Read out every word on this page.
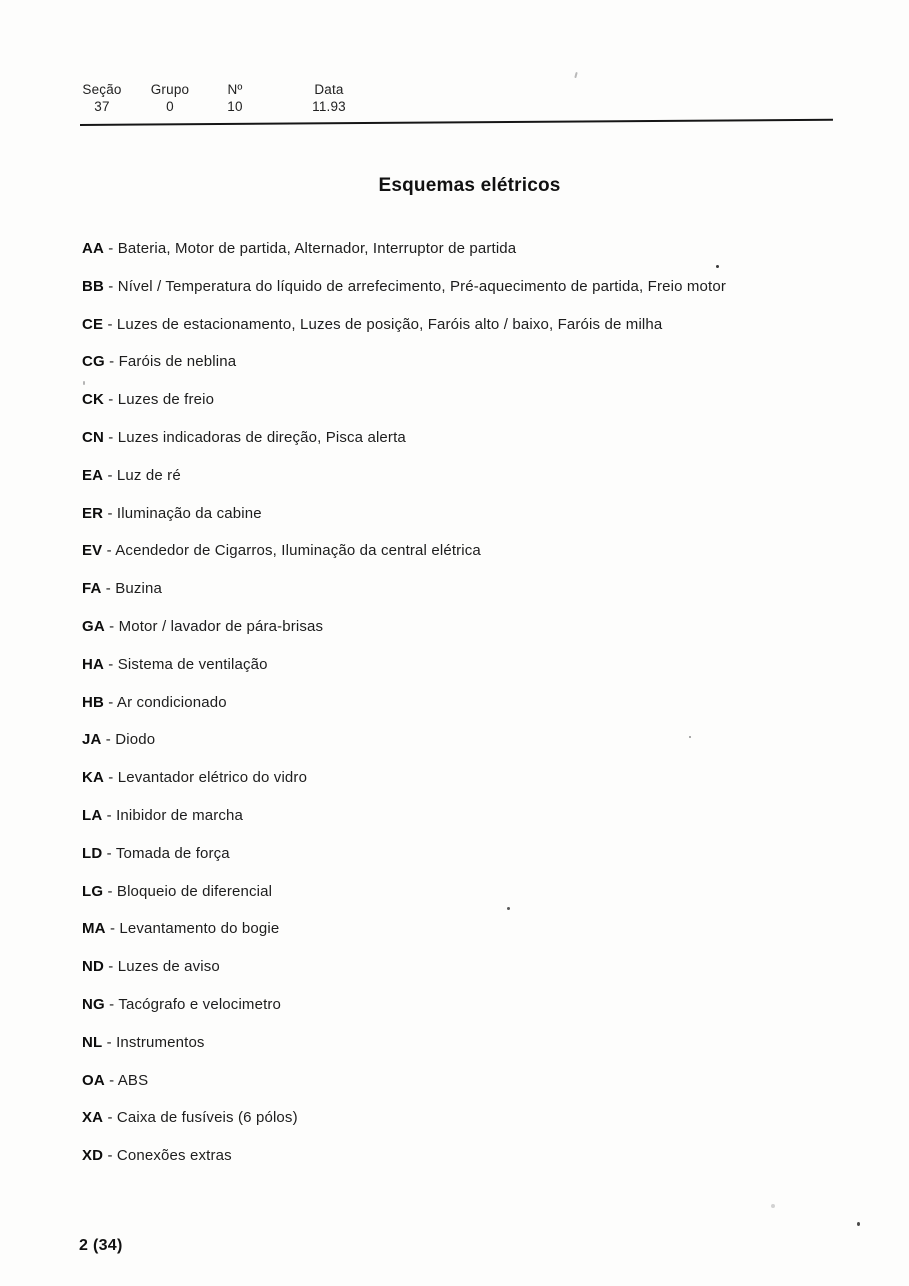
Seção
37
Grupo
0
Nº
10
Data
11.93
Esquemas elétricos
AA - Bateria, Motor de partida, Alternador, Interruptor de partida
BB - Nível / Temperatura do líquido de arrefecimento, Pré-aquecimento de partida, Freio motor
CE - Luzes de estacionamento, Luzes de posição, Faróis alto / baixo, Faróis de milha
CG - Faróis de neblina
CK - Luzes de freio
CN - Luzes indicadoras de direção, Pisca alerta
EA - Luz de ré
ER - Iluminação da cabine
EV - Acendedor de Cigarros, Iluminação da central elétrica
FA - Buzina
GA - Motor / lavador de pára-brisas
HA - Sistema de ventilação
HB - Ar condicionado
JA - Diodo
KA - Levantador elétrico do vidro
LA - Inibidor de marcha
LD - Tomada de força
LG - Bloqueio de diferencial
MA - Levantamento do bogie
ND - Luzes de aviso
NG - Tacógrafo e velocimetro
NL - Instrumentos
OA - ABS
XA - Caixa de fusíveis (6 pólos)
XD - Conexões extras
2 (34)
